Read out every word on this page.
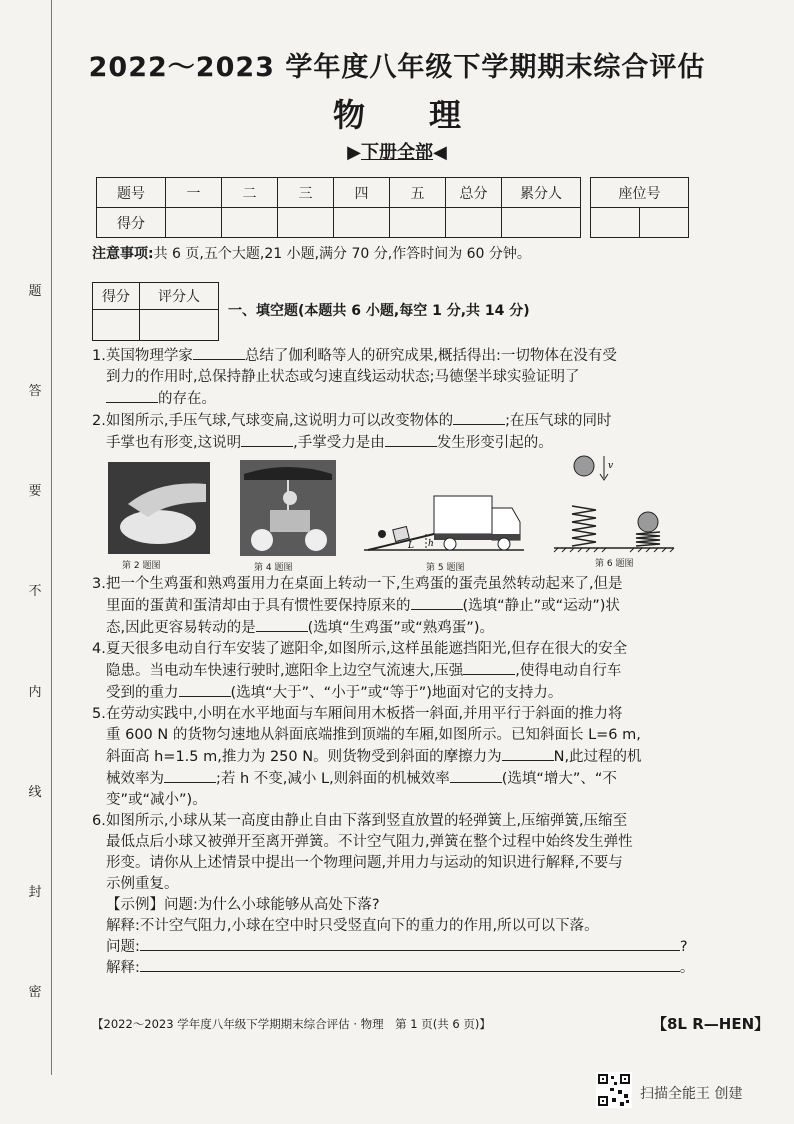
题
答
要
不
内
线
封
密
2022～2023 学年度八年级下学期期末综合评估
物　　理
▶下册全部◀
题号	一	二	三	四	五	总分	累分人
得分							
座位号

注意事项:共 6 页,五个大题,21 小题,满分 70 分,作答时间为 60 分钟。
得分	评分人

一、填空题(本题共 6 小题,每空 1 分,共 14 分)

1.英国物理学家	总结了伽利略等人的研究成果,概括得出:一切物体在没有受

到力的作用时,总保持静止状态或匀速直线运动状态;马德堡半球实验证明了

的存在。

2.如图所示,手压气球,气球变扁,这说明力可以改变物体的	;在压气球的同时

手掌也有形变,这说明	,手掌受力是由	发生形变引起的。

第 2 题图	第 4 题图
L h
第 5 题图
v
第 6 题图

3.把一个生鸡蛋和熟鸡蛋用力在桌面上转动一下,生鸡蛋的蛋壳虽然转动起来了,但是

里面的蛋黄和蛋清却由于具有惯性要保持原来的	(选填“静止”或“运动”)状

态,因此更容易转动的是	(选填“生鸡蛋”或“熟鸡蛋”)。

4.夏天很多电动自行车安装了遮阳伞,如图所示,这样虽能遮挡阳光,但存在很大的安全

隐患。当电动车快速行驶时,遮阳伞上边空气流速大,压强	,使得电动自行车

受到的重力	(选填“大于”、“小于”或“等于”)地面对它的支持力。

5.在劳动实践中,小明在水平地面与车厢间用木板搭一斜面,并用平行于斜面的推力将

重 600 N 的货物匀速地从斜面底端推到顶端的车厢,如图所示。已知斜面长 L=6 m,

斜面高 h=1.5 m,推力为 250 N。则货物受到斜面的摩擦力为	N,此过程的机

械效率为	;若 h 不变,减小 L,则斜面的机械效率	(选填“增大”、“不

变”或“减小”)。

6.如图所示,小球从某一高度由静止自由下落到竖直放置的轻弹簧上,压缩弹簧,压缩至

最低点后小球又被弹开至离开弹簧。不计空气阻力,弹簧在整个过程中始终发生弹性

形变。请你从上述情景中提出一个物理问题,并用力与运动的知识进行解释,不要与

示例重复。

【示例】问题:为什么小球能够从高处下落?

解释:不计空气阻力,小球在空中时只受竖直向下的重力的作用,所以可以下落。

问题:	?

解释:	。

【2022～2023 学年度八年级下学期期末综合评估 · 物理　第 1 页(共 6 页)】	【8L R—HEN】
扫描全能王 创建
